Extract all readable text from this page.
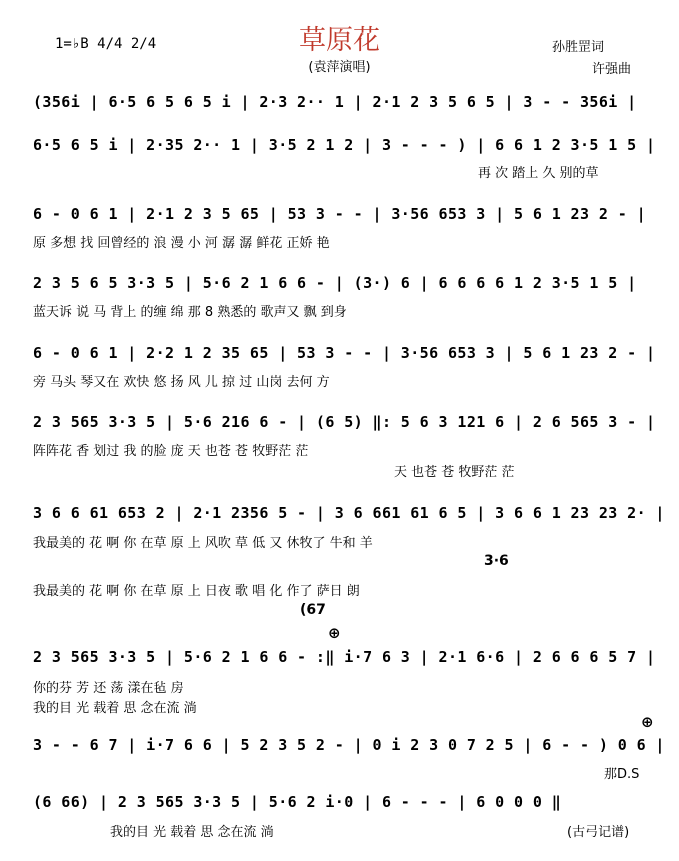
草原花
(袁萍演唱)
1=♭B 4/4 2/4	孙胜罡词
许强曲
(356i | 6·5 6 5 6 5 i | 2·3 2·· 1 | 2·1 2 3 5 6 5 | 3 - - 356i |
6·5 6 5 i | 2·35 2·· 1 | 3·5 2 1 2 | 3 - - - ) | 6 6 1 2 3·5 1 5 |
再 次 踏上 久 别的草
6 - 0 6 1 | 2·1 2 3 5 65 | 53 3 - - | 3·56 653 3 | 5 6 1 23 2 - |
原 多想 找 回曾经的 浪 漫 小 河 潺 潺 鲜花 正娇 艳
2 3 5 6 5 3·3 5 | 5·6 2 1 6 6 - | (3·) 6 | 6 6 6 6 1 2 3·5 1 5 |
蓝天诉 说 马 背上 的缠 绵 那 8 熟悉的 歌声又 飘 到身
6 - 0 6 1 | 2·2 1 2 35 65 | 53 3 - - | 3·56 653 3 | 5 6 1 23 2 - |
旁 马头 琴又在 欢快 悠 扬 风 儿 掠 过 山岗 去何 方
2 3 565 3·3 5 | 5·6 216 6 - | (6 5) ‖: 5 6 3 121 6 | 2 6 565 3 - |
阵阵花 香 划过 我 的脸 庞 天 也苍 苍 牧野茫 茫
天 也苍 苍 牧野茫 茫
3 6 6 61 653 2 | 2·1 2356 5 - | 3 6 661 61 6 5 | 3 6 6 1 23 23 2· |
我最美的 花 啊 你 在草 原 上 风吹 草 低 又 休牧了 牛和 羊
3·6
我最美的 花 啊 你 在草 原 上 日夜 歌 唱 化 作了 萨日 朗
(67
⊕
2 3 565 3·3 5 | 5·6 2 1 6 6 - :‖ i·7 6 3 | 2·1 6·6 | 2 6 6 6 5 7 |
你的芬 芳 还 荡 漾在毡 房
我的目 光 载着 思 念在流 淌
⊕
3 - - 6 7 | i·7 6 6 | 5 2 3 5 2 - | 0 i 2 3 0 7 2 5 | 6 - - ) 0 6 |
那D.S
(6 66) | 2 3 565 3·3 5 | 5·6 2 i·0 | 6 - - - | 6 0 0 0 ‖
我的目 光 载着 思 念在流 淌	(古弓记谱)
